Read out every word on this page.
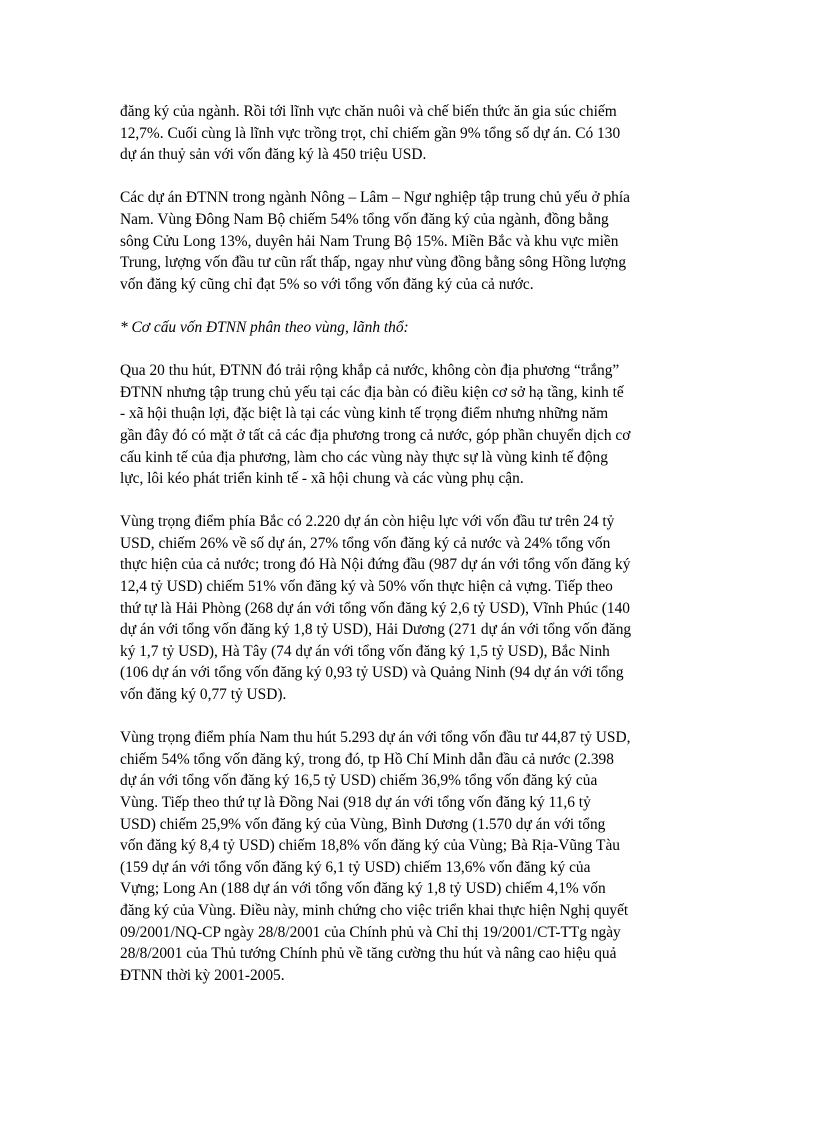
đăng ký của ngành. Rồi tới lĩnh vực chăn nuôi và chế biến thức ăn gia súc chiếm
12,7%. Cuối cùng là lĩnh vực trồng trọt, chỉ chiếm gần 9% tổng số dự án. Có 130
dự án thuỷ sản với vốn đăng ký là 450 triệu USD.
Các dự án ĐTNN trong ngành Nông – Lâm – Ngư nghiệp tập trung chủ yếu ở phía
Nam. Vùng Đông Nam Bộ chiếm 54% tổng vốn đăng ký của ngành, đồng bằng
sông Cửu Long 13%, duyên hải Nam Trung Bộ 15%. Miền Bắc và khu vực miền
Trung, lượng vốn đầu tư cũn rất thấp, ngay như vùng đồng bằng sông Hồng lượng
vốn đăng ký cũng chỉ đạt 5% so với tổng vốn đăng ký của cả nước.
* Cơ cấu vốn ĐTNN phân theo vùng, lãnh thổ:
Qua 20 thu hút, ĐTNN đó trải rộng khắp cả nước, không còn địa phương “trắng”
ĐTNN nhưng tập trung chủ yếu tại các địa bàn có điều kiện cơ sở hạ tầng, kinh tế
- xã hội thuận lợi, đặc biệt là tại các vùng kinh tế trọng điểm nhưng những năm
gần đây đó có mặt ở tất cả các địa phương trong cả nước, góp phần chuyển dịch cơ
cấu kinh tế của địa phương, làm cho các vùng này thực sự là vùng kinh tế động
lực, lôi kéo phát triển kinh tế - xã hội chung và các vùng phụ cận.
Vùng trọng điểm phía Bắc có 2.220 dự án còn hiệu lực với vốn đầu tư trên 24 tỷ
USD, chiếm 26% về số dự án, 27% tổng vốn đăng ký cả nước và 24% tổng vốn
thực hiện của cả nước; trong đó Hà Nội đứng đầu (987 dự án với tổng vốn đăng ký
12,4 tỷ USD) chiếm 51% vốn đăng ký và 50% vốn thực hiện cả vựng. Tiếp theo
thứ tự là Hải Phòng (268 dự án với tổng vốn đăng ký 2,6 tỷ USD), Vĩnh Phúc (140
dự án với tổng vốn đăng ký 1,8 tỷ USD), Hải Dương (271 dự án với tổng vốn đăng
ký 1,7 tỷ USD), Hà Tây (74 dự án với tổng vốn đăng ký 1,5 tỷ USD), Bắc Ninh
(106 dự án với tổng vốn đăng ký 0,93 tỷ USD) và Quảng Ninh (94 dự án với tổng
vốn đăng ký 0,77 tỷ USD).
Vùng trọng điểm phía Nam thu hút 5.293 dự án với tổng vốn đầu tư 44,87 tỷ USD,
chiếm 54% tổng vốn đăng ký, trong đó, tp Hồ Chí Minh dẫn đầu cả nước (2.398
dự án với tổng vốn đăng ký 16,5 tỷ USD) chiếm 36,9% tổng vốn đăng ký của
Vùng. Tiếp theo thứ tự là Đồng Nai (918 dự án với tổng vốn đăng ký 11,6 tỷ
USD) chiếm 25,9% vốn đăng ký của Vùng, Bình Dương (1.570 dự án với tổng
vốn đăng ký 8,4 tỷ USD) chiếm 18,8% vốn đăng ký của Vùng; Bà Rịa-Vũng Tàu
(159 dự án với tổng vốn đăng ký 6,1 tỷ USD) chiếm 13,6% vốn đăng ký của
Vựng; Long An (188 dự án với tổng vốn đăng ký 1,8 tỷ USD) chiếm 4,1% vốn
đăng ký của Vùng. Điều này, minh chứng cho việc triển khai thực hiện Nghị quyết
09/2001/NQ-CP ngày 28/8/2001 của Chính phủ và Chỉ thị 19/2001/CT-TTg ngày
28/8/2001 của Thủ tướng Chính phủ về tăng cường thu hút và nâng cao hiệu quả
ĐTNN thời kỳ 2001-2005.
